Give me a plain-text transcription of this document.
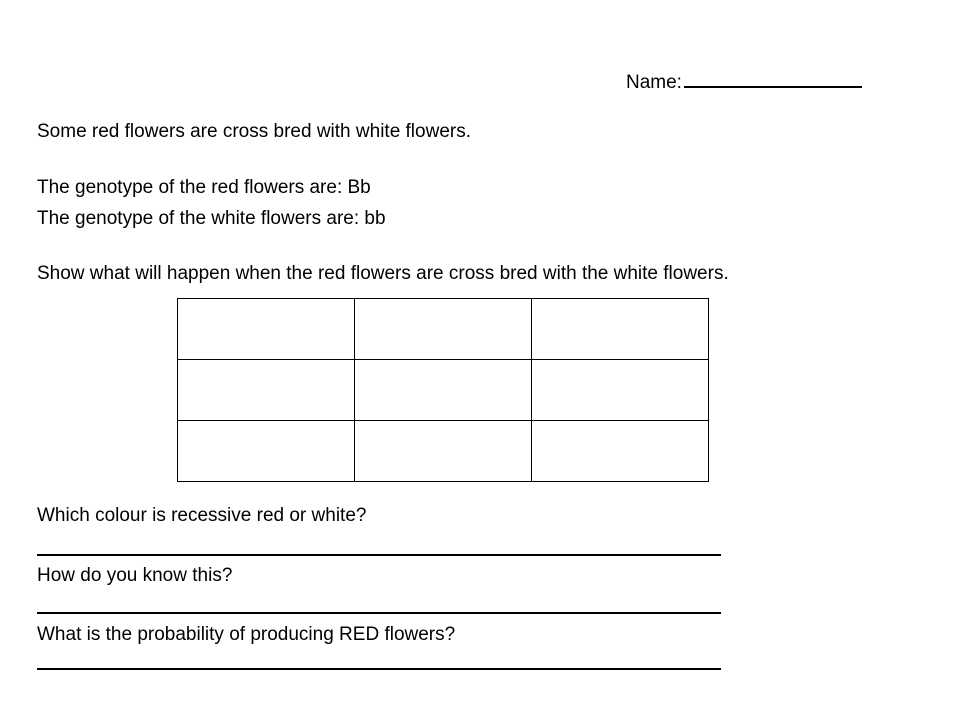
Name:
Some red flowers are cross bred with white flowers.
The genotype of the red flowers are: Bb
The genotype of the white flowers are: bb
Show what will happen when the red flowers are cross bred with the white flowers.

Which colour is recessive red or white?
How do you know this?
What is the probability of producing RED flowers?
